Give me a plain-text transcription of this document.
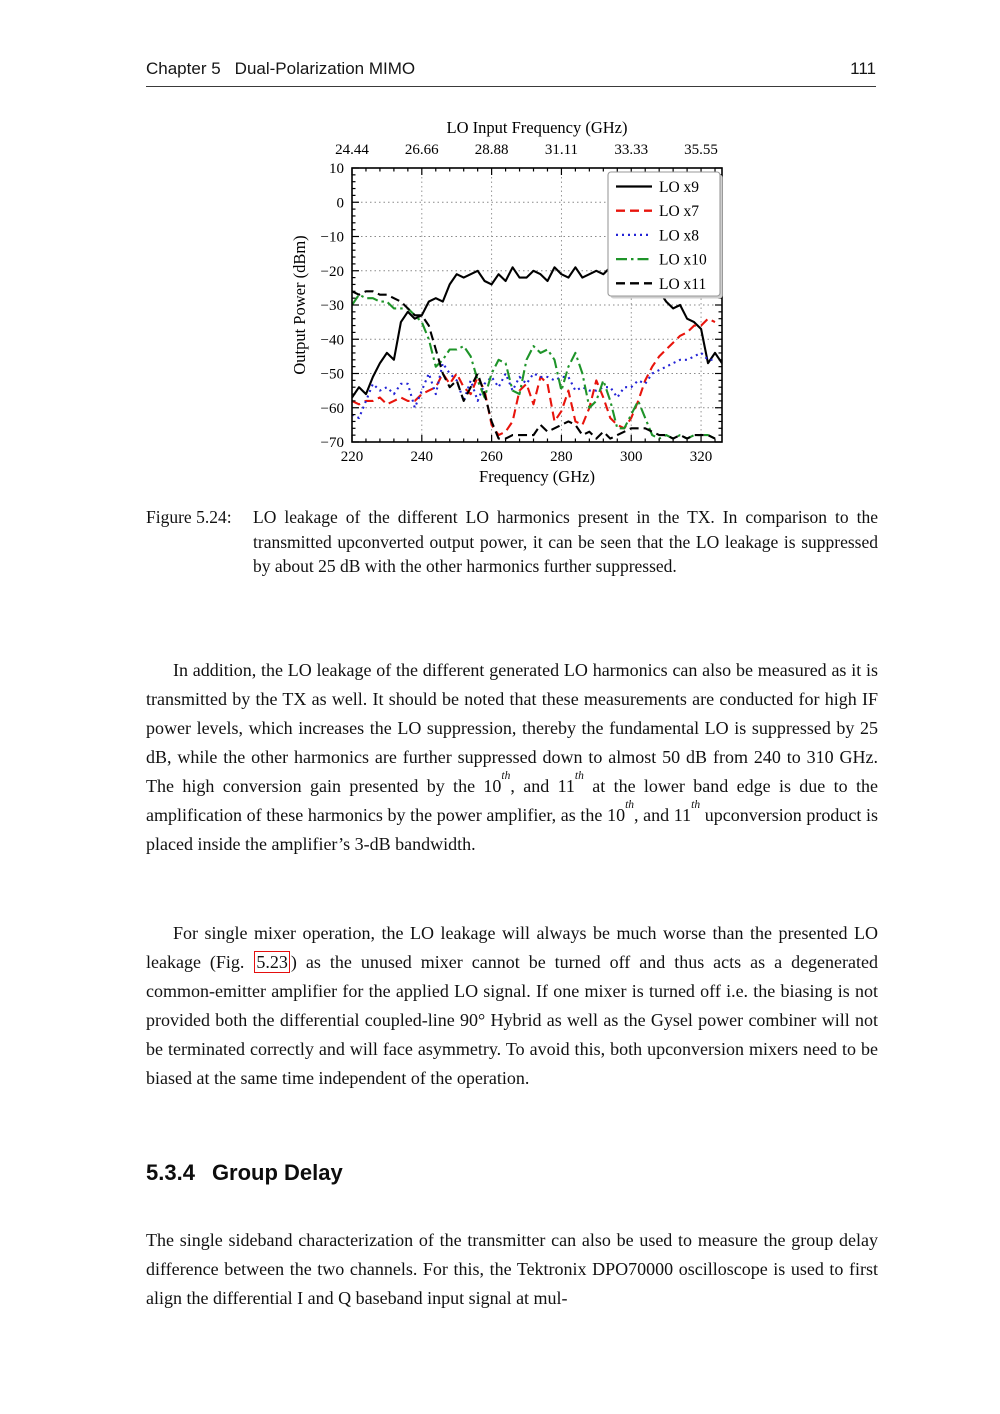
Chapter 5 Dual-Polarization MIMO	111
LO Input Frequency (GHz)
220	240	260	280	300	320
24.44 26.66 28.88 31.11 33.33 35.55
10
0
−10
−20
−30
−40
−50
−60
−70
LO x9
LO x7
LO x8
LO x10
LO x11
Frequency (GHz)
Output Power (dBm)
Figure 5.24:	LO leakage of the different LO harmonics present in the TX. In comparison to the transmitted upconverted output power, it can be seen that the LO leakage is suppressed by about 25 dB with the other harmonics further suppressed.

In addition, the LO leakage of the different generated LO harmonics can also be measured as it is transmitted by the TX as well. It should be noted that these measurements are conducted for high IF power levels, which increases the LO suppression, thereby the fundamental LO is suppressed by 25 dB, while the other harmonics are further suppressed down to almost 50 dB from 240 to 310 GHz. The high conversion gain presented by the 10th, and 11th at the lower band edge is due to the amplification of these harmonics by the power amplifier, as the 10th, and 11th upconversion product is placed inside the amplifier’s 3-dB bandwidth.

For single mixer operation, the LO leakage will always be much worse than the presented LO leakage (Fig. 5.23 ) as the unused mixer cannot be turned off and thus acts as a degenerated common-emitter amplifier for the applied LO signal. If one mixer is turned off i.e. the biasing is not provided both the differential coupled-line 90° Hybrid as well as the Gysel power combiner will not be terminated correctly and will face asymmetry. To avoid this, both upconversion mixers need to be biased at the same time independent of the operation.

5.3.4 Group Delay

The single sideband characterization of the transmitter can also be used to measure the group delay difference between the two channels. For this, the Tektronix DPO70000 oscilloscope is used to first align the differential I and Q baseband input signal at mul-
